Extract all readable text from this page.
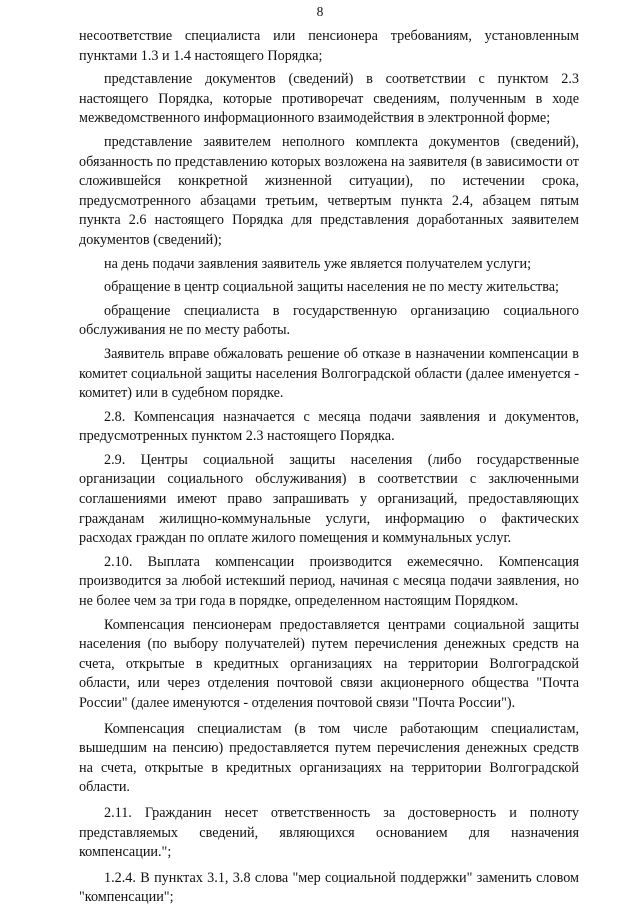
8

несоответствие специалиста или пенсионера требованиям, установленным пунктами 1.3 и 1.4 настоящего Порядка;

представление документов (сведений) в соответствии с пунктом 2.3 настоящего Порядка, которые противоречат сведениям, полученным в ходе межведомственного информационного взаимодействия в электронной форме;

представление заявителем неполного комплекта документов (сведений), обязанность по представлению которых возложена на заявителя (в зависимости от сложившейся конкретной жизненной ситуации), по истечении срока, предусмотренного абзацами третьим, четвертым пункта 2.4, абзацем пятым пункта 2.6 настоящего Порядка для представления доработанных заявителем документов (сведений);

на день подачи заявления заявитель уже является получателем услуги;

обращение в центр социальной защиты населения не по месту жительства;

обращение специалиста в государственную организацию социального обслуживания не по месту работы.

Заявитель вправе обжаловать решение об отказе в назначении компенсации в комитет социальной защиты населения Волгоградской области (далее именуется - комитет) или в судебном порядке.

2.8. Компенсация назначается с месяца подачи заявления и документов, предусмотренных пунктом 2.3 настоящего Порядка.

2.9. Центры социальной защиты населения (либо государственные организации социального обслуживания) в соответствии с заключенными соглашениями имеют право запрашивать у организаций, предоставляющих гражданам жилищно-коммунальные услуги, информацию о фактических расходах граждан по оплате жилого помещения и коммунальных услуг.

2.10. Выплата компенсации производится ежемесячно. Компенсация производится за любой истекший период, начиная с месяца подачи заявления, но не более чем за три года в порядке, определенном настоящим Порядком.

Компенсация пенсионерам предоставляется центрами социальной защиты населения (по выбору получателей) путем перечисления денежных средств на счета, открытые в кредитных организациях на территории Волгоградской области, или через отделения почтовой связи акционерного общества "Почта России" (далее именуются - отделения почтовой связи "Почта России").

Компенсация специалистам (в том числе работающим специалистам, вышедшим на пенсию) предоставляется путем перечисления денежных средств на счета, открытые в кредитных организациях на территории Волгоградской области.

2.11. Гражданин несет ответственность за достоверность и полноту представляемых сведений, являющихся основанием для назначения компенсации.";

1.2.4. В пунктах 3.1, 3.8 слова "мер социальной поддержки" заменить словом "компенсации";
